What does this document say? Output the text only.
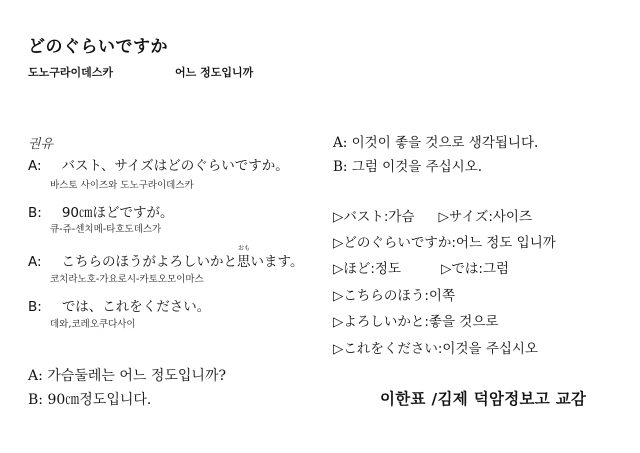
どのぐらいですか
도노구라이데스카	어느 정도입니까
권유
A: バスト、サイズはどのぐらいですか。
바스토 사이즈와 도노구라이데스카
B: 90㎝ほどですが。
큐-쥬-센치메-타호도데스가
A: こちらのほうがよろしいかと
おも
思います。
코치라노호-가요로시-카토오모이마스
B: では、これをください。
데와,코레오쿠다사이
A: 이것이 좋을 것으로 생각됩니다.
B: 그럼 이것을 주십시오.
▷バスト:가슴 ▷サイズ:사이즈
▷どのぐらいですか:어느 정도 입니까
▷ほど:정도	▷では:그럼
▷こちらのほう:이쪽
▷よろしいかと:좋을 것으로
▷これをください:이것을 주십시오
A: 가슴둘레는 어느 정도입니까?
B: 90㎝정도입니다.	이한표 /김제 덕암정보고 교감
